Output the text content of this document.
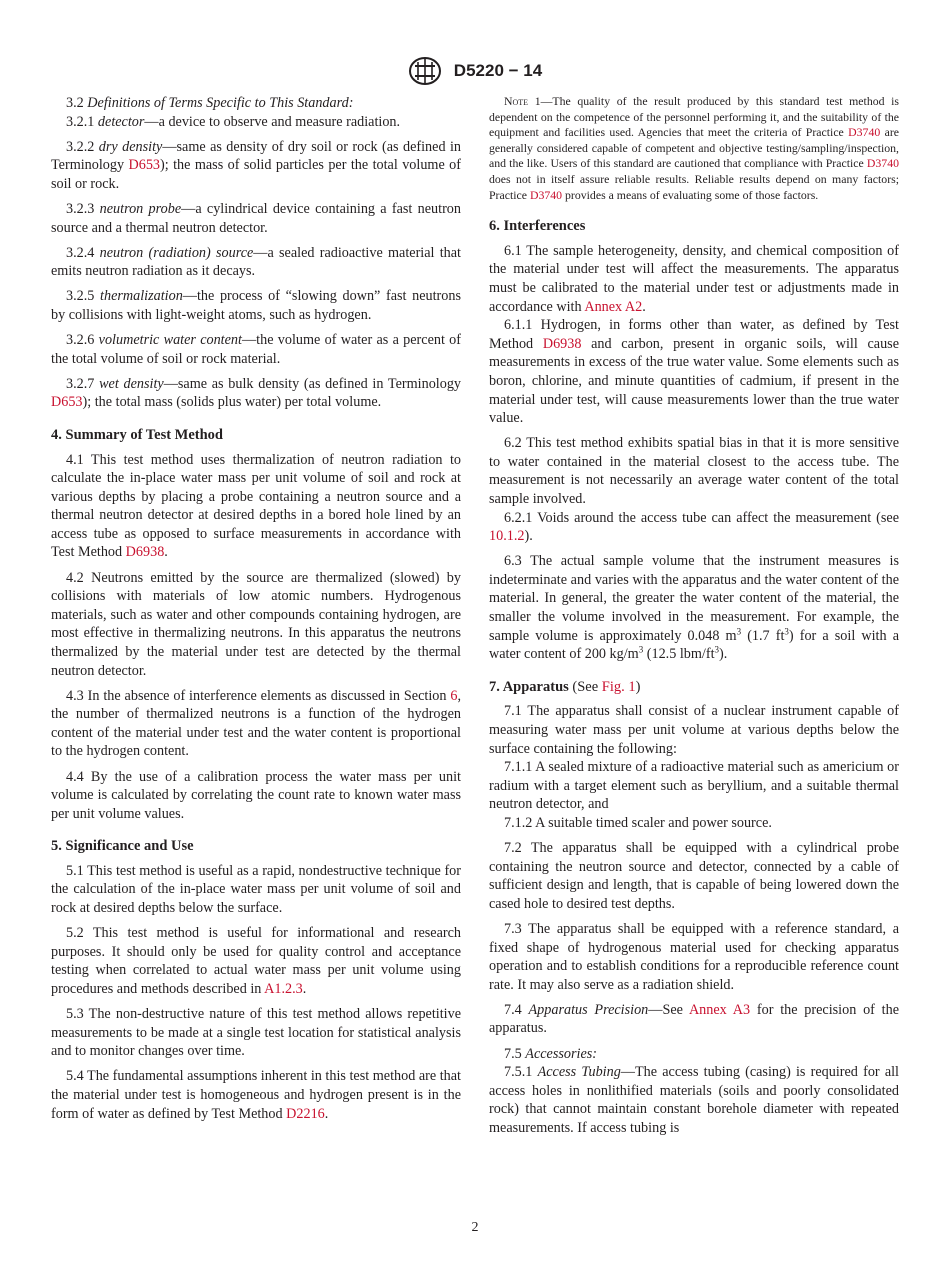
D5220 − 14

3.2 Definitions of Terms Specific to This Standard:

3.2.1 detector—a device to observe and measure radiation.

3.2.2 dry density—same as density of dry soil or rock (as defined in Terminology D653); the mass of solid particles per the total volume of soil or rock.

3.2.3 neutron probe—a cylindrical device containing a fast neutron source and a thermal neutron detector.

3.2.4 neutron (radiation) source—a sealed radioactive material that emits neutron radiation as it decays.

3.2.5 thermalization—the process of “slowing down” fast neutrons by collisions with light-weight atoms, such as hydrogen.

3.2.6 volumetric water content—the volume of water as a percent of the total volume of soil or rock material.

3.2.7 wet density—same as bulk density (as defined in Terminology D653); the total mass (solids plus water) per total volume.

4. Summary of Test Method

4.1 This test method uses thermalization of neutron radiation to calculate the in-place water mass per unit volume of soil and rock at various depths by placing a probe containing a neutron source and a thermal neutron detector at desired depths in a bored hole lined by an access tube as opposed to surface measurements in accordance with Test Method D6938.

4.2 Neutrons emitted by the source are thermalized (slowed) by collisions with materials of low atomic numbers. Hydrogenous materials, such as water and other compounds containing hydrogen, are most effective in thermalizing neutrons. In this apparatus the neutrons thermalized by the material under test are detected by the thermal neutron detector.

4.3 In the absence of interference elements as discussed in Section 6, the number of thermalized neutrons is a function of the hydrogen content of the material under test and the water content is proportional to the hydrogen content.

4.4 By the use of a calibration process the water mass per unit volume is calculated by correlating the count rate to known water mass per unit volume values.

5. Significance and Use

5.1 This test method is useful as a rapid, nondestructive technique for the calculation of the in-place water mass per unit volume of soil and rock at desired depths below the surface.

5.2 This test method is useful for informational and research purposes. It should only be used for quality control and acceptance testing when correlated to actual water mass per unit volume using procedures and methods described in A1.2.3.

5.3 The non-destructive nature of this test method allows repetitive measurements to be made at a single test location for statistical analysis and to monitor changes over time.

5.4 The fundamental assumptions inherent in this test method are that the material under test is homogeneous and hydrogen present is in the form of water as defined by Test Method D2216.

Note 1—The quality of the result produced by this standard test method is dependent on the competence of the personnel performing it, and the suitability of the equipment and facilities used. Agencies that meet the criteria of Practice D3740 are generally considered capable of competent and objective testing/sampling/inspection, and the like. Users of this standard are cautioned that compliance with Practice D3740 does not in itself assure reliable results. Reliable results depend on many factors; Practice D3740 provides a means of evaluating some of those factors.

6. Interferences

6.1 The sample heterogeneity, density, and chemical composition of the material under test will affect the measurements. The apparatus must be calibrated to the material under test or adjustments made in accordance with Annex A2.

6.1.1 Hydrogen, in forms other than water, as defined by Test Method D6938 and carbon, present in organic soils, will cause measurements in excess of the true water value. Some elements such as boron, chlorine, and minute quantities of cadmium, if present in the material under test, will cause measurements lower than the true water value.

6.2 This test method exhibits spatial bias in that it is more sensitive to water contained in the material closest to the access tube. The measurement is not necessarily an average water content of the total sample involved.

6.2.1 Voids around the access tube can affect the measurement (see 10.1.2).

6.3 The actual sample volume that the instrument measures is indeterminate and varies with the apparatus and the water content of the material. In general, the greater the water content of the material, the smaller the volume involved in the measurement. For example, the sample volume is approximately 0.048 $m^3$ (1.7 $ft^3$) for a soil with a water content of 200 $kg/m^3$ (12.5 lbm/$ft^3$).

7. Apparatus (See Fig. 1)

7.1 The apparatus shall consist of a nuclear instrument capable of measuring water mass per unit volume at various depths below the surface containing the following:

7.1.1 A sealed mixture of a radioactive material such as americium or radium with a target element such as beryllium, and a suitable thermal neutron detector, and

7.1.2 A suitable timed scaler and power source.

7.2 The apparatus shall be equipped with a cylindrical probe containing the neutron source and detector, connected by a cable of sufficient design and length, that is capable of being lowered down the cased hole to desired test depths.

7.3 The apparatus shall be equipped with a reference standard, a fixed shape of hydrogenous material used for checking apparatus operation and to establish conditions for a reproducible reference count rate. It may also serve as a radiation shield.

7.4 Apparatus Precision—See Annex A3 for the precision of the apparatus.

7.5 Accessories:

7.5.1 Access Tubing—The access tubing (casing) is required for all access holes in nonlithified materials (soils and poorly consolidated rock) that cannot maintain constant borehole diameter with repeated measurements. If access tubing is

2
